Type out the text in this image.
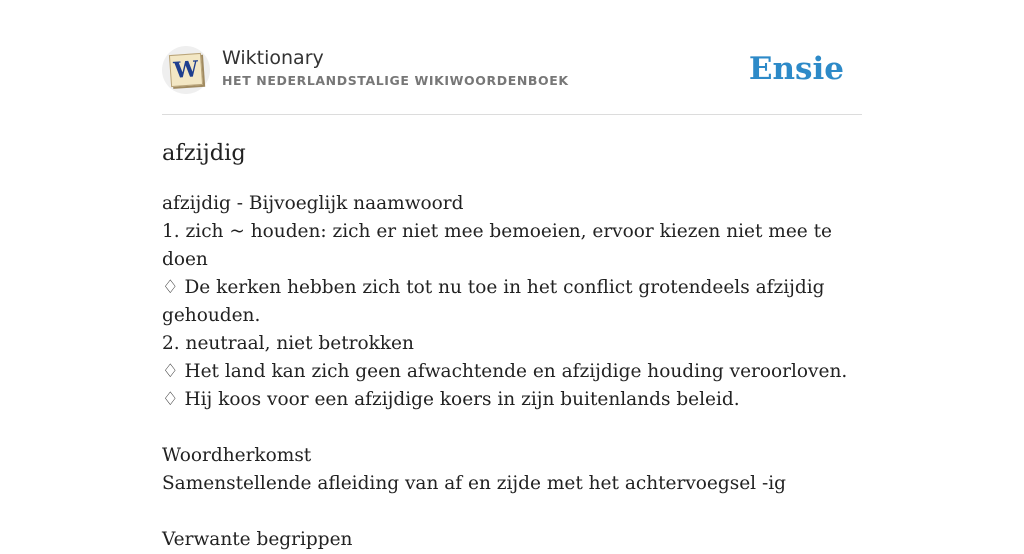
W Wiktionary
HET NEDERLANDSTALIGE WIKIWOORDENBOEK	Ensie
afzijdig

afzijdig - Bijvoeglijk naamwoord

1. zich ~ houden: zich er niet mee bemoeien, ervoor kiezen niet mee te doen

♢ De kerken hebben zich tot nu toe in het conflict grotendeels afzijdig gehouden.

2. neutraal, niet betrokken

♢ Het land kan zich geen afwachtende en afzijdige houding veroorloven.

♢ Hij koos voor een afzijdige koers in zijn buitenlands beleid.

Woordherkomst

Samenstellende afleiding van af en zijde met het achtervoegsel -ig

Verwante begrippen
